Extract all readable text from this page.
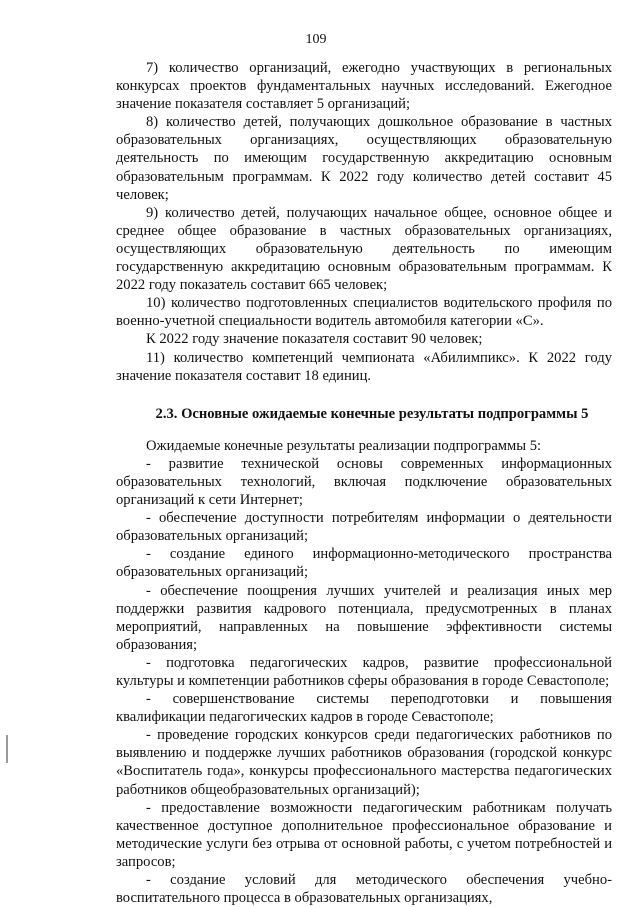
109

7) количество организаций, ежегодно участвующих в региональных конкурсах проектов фундаментальных научных исследований. Ежегодное значение показателя составляет 5 организаций;

8) количество детей, получающих дошкольное образование в частных образовательных организациях, осуществляющих образовательную деятельность по имеющим государственную аккредитацию основным образовательным программам. К 2022 году количество детей составит 45 человек;

9) количество детей, получающих начальное общее, основное общее и среднее общее образование в частных образовательных организациях, осуществляющих образовательную деятельность по имеющим государственную аккредитацию основным образовательным программам. К 2022 году показатель составит 665 человек;

10) количество подготовленных специалистов водительского профиля по военно-учетной специальности водитель автомобиля категории «С».

К 2022 году значение показателя составит 90 человек;

11) количество компетенций чемпионата «Абилимпикс». К 2022 году значение показателя составит 18 единиц.

2.3. Основные ожидаемые конечные результаты подпрограммы 5

Ожидаемые конечные результаты реализации подпрограммы 5:

- развитие технической основы современных информационных образовательных технологий, включая подключение образовательных организаций к сети Интернет;

- обеспечение доступности потребителям информации о деятельности образовательных организаций;

- создание единого информационно-методического пространства образовательных организаций;

- обеспечение поощрения лучших учителей и реализация иных мер поддержки развития кадрового потенциала, предусмотренных в планах мероприятий, направленных на повышение эффективности системы образования;

- подготовка педагогических кадров, развитие профессиональной культуры и компетенции работников сферы образования в городе Севастополе;

- совершенствование системы переподготовки и повышения квалификации педагогических кадров в городе Севастополе;

- проведение городских конкурсов среди педагогических работников по выявлению и поддержке лучших работников образования (городской конкурс «Воспитатель года», конкурсы профессионального мастерства педагогических работников общеобразовательных организаций);

- предоставление возможности педагогическим работникам получать качественное доступное дополнительное профессиональное образование и методические услуги без отрыва от основной работы, с учетом потребностей и запросов;

- создание условий для методического обеспечения учебно-воспитательного процесса в образовательных организациях,
